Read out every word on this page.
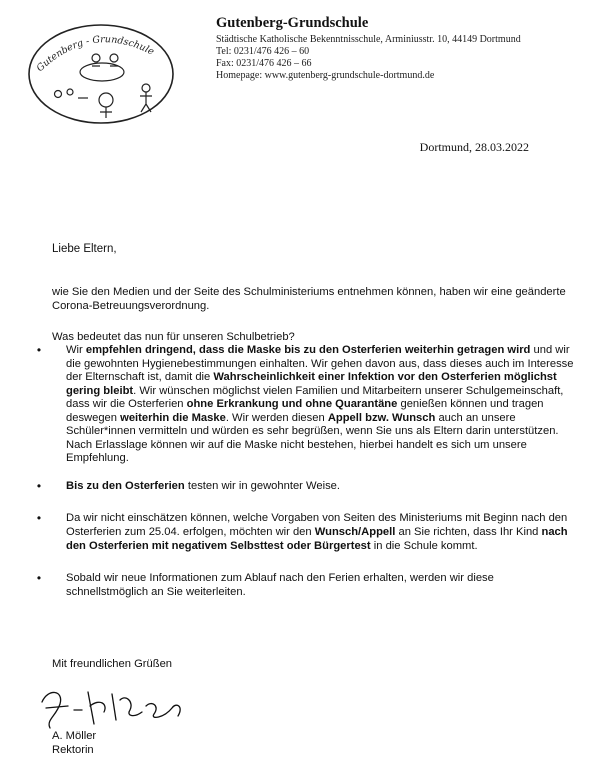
Gutenberg - Grundschule
Gutenberg-Grundschule
Städtische Katholische Bekenntnisschule, Arminiusstr. 10, 44149 Dortmund
Tel: 0231/476 426 – 60
Fax: 0231/476 426 – 66
Homepage: www.gutenberg-grundschule-dortmund.de
Dortmund, 28.03.2022
Liebe Eltern,
wie Sie den Medien und der Seite des Schulministeriums entnehmen können, haben wir eine geänderte Corona-Betreuungsverordnung.
Was bedeutet das nun für unseren Schulbetrieb?
• Wir empfehlen dringend, dass die Maske bis zu den Osterferien weiterhin getragen wird und wir die gewohnten Hygienebestimmungen einhalten. Wir gehen davon aus, dass dieses auch im Interesse der Elternschaft ist, damit die Wahrscheinlichkeit einer Infektion vor den Osterferien möglichst gering bleibt. Wir wünschen möglichst vielen Familien und Mitarbeitern unserer Schulgemeinschaft, dass wir die Osterferien ohne Erkrankung und ohne Quarantäne genießen können und tragen deswegen weiterhin die Maske. Wir werden diesen Appell bzw. Wunsch auch an unsere Schüler*innen vermitteln und würden es sehr begrüßen, wenn Sie uns als Eltern darin unterstützen. Nach Erlasslage können wir auf die Maske nicht bestehen, hierbei handelt es sich um unsere Empfehlung.
• Bis zu den Osterferien testen wir in gewohnter Weise.
• Da wir nicht einschätzen können, welche Vorgaben von Seiten des Ministeriums mit Beginn nach den Osterferien zum 25.04. erfolgen, möchten wir den Wunsch/Appell an Sie richten, dass Ihr Kind nach den Osterferien mit negativem Selbsttest oder Bürgertest in die Schule kommt.
• Sobald wir neue Informationen zum Ablauf nach den Ferien erhalten, werden wir diese schnellstmöglich an Sie weiterleiten.
Mit freundlichen Grüßen
A. Möller
Rektorin
